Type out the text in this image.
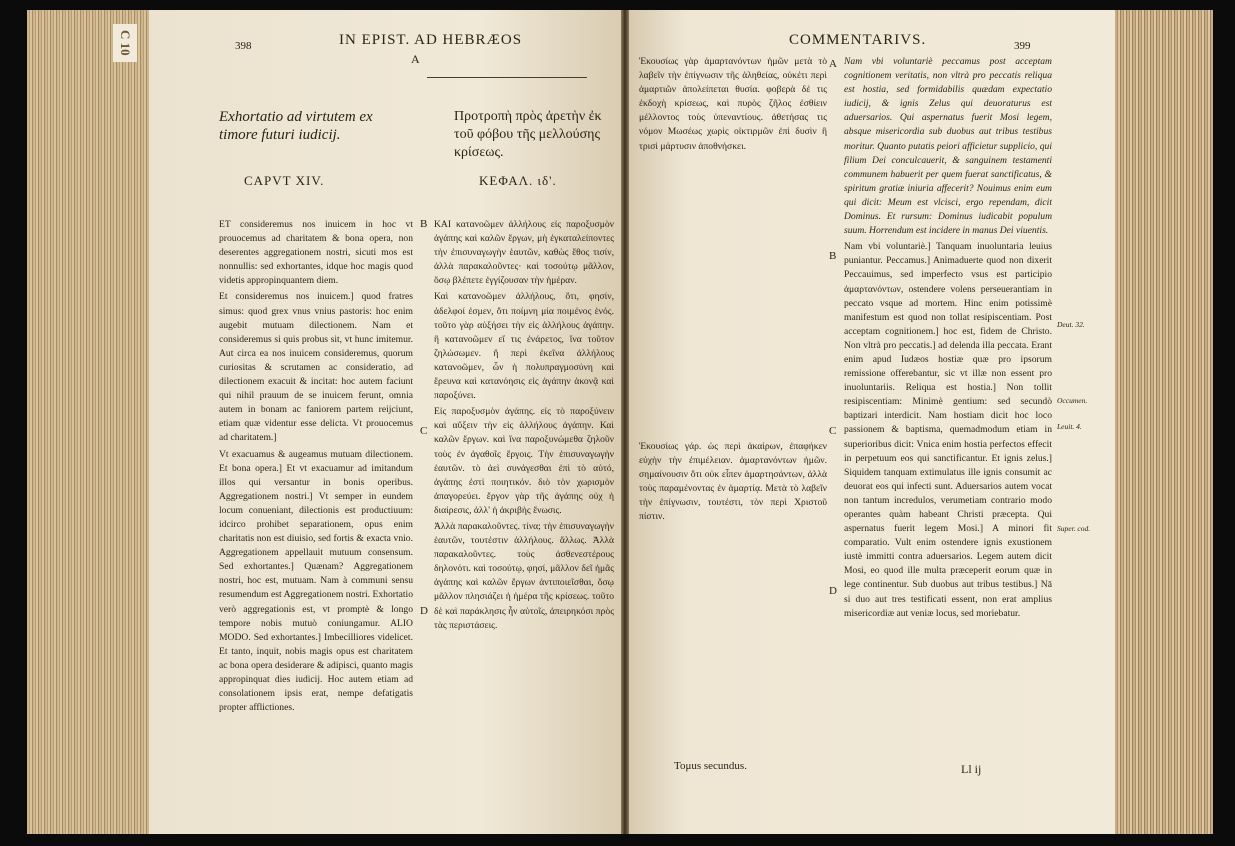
C 10	398	IN EPIST. AD HEBRÆOS
A
Exhortatio ad virtutem ex timore futuri iudicij.
Προτροπὴ πρὸς ἀρετὴν ἐκ τοῦ φόβου τῆς μελλούσης κρίσεως.
CAPVT XIV.	ΚΕΦΑΛ. ιδ'.

ET consideremus nos inuicem in hoc vt prouocemus ad charitatem & bona opera, non deserentes aggregationem nostri, sicuti mos est nonnullis: sed exhortantes, idque hoc magis quod videtis appropinquantem diem.

Et consideremus nos inuicem.] quod fratres simus: quod grex vnus vnius pastoris: hoc enim augebit mutuam dilectionem. Nam et consideremus si quis probus sit, vt hunc imitemur. Aut circa ea nos inuicem consideremus, quorum curiositas & scrutamen ac consideratio, ad dilectionem exacuit & incitat: hoc autem faciunt qui nihil prauum de se inuicem ferunt, omnia autem in bonam ac faniorem partem reijciunt, etiam quæ videntur esse delicta. Vt prouocemus ad charitatem.]

Vt exacuamus & augeamus mutuam dilectionem. Et bona opera.] Et vt exacuamur ad imitandum illos qui versantur in bonis operibus. Aggregationem nostri.] Vt semper in eundem locum conueniant, dilectionis est productiuum: idcirco prohibet separationem, opus enim charitatis non est diuisio, sed fortis & exacta vnio. Aggregationem appellauit mutuum consensum. Sed exhortantes.] Quænam? Aggregationem nostri, hoc est, mutuam. Nam à communi sensu resumendum est Aggregationem nostri. Exhortatio verò aggregationis est, vt promptè & longo tempore nobis mutuò coniungamur. ALIO MODO. Sed exhortantes.] Imbecilliores videlicet. Et tanto, inquit, nobis magis opus est charitatem ac bona opera desiderare & adipisci, quanto magis appropinquat dies iudicij. Hoc autem etiam ad consolationem ipsis erat, nempe defatigatis propter afflictiones.

B
C
D

ΚΑΙ κατανοῶμεν ἀλλήλους εἰς παροξυσμὸν ἀγάπης καὶ καλῶν ἔργων, μὴ ἐγκαταλείποντες τὴν ἐπισυναγωγὴν ἑαυτῶν, καθὼς ἔθος τισίν, ἀλλὰ παρακαλοῦντες· καὶ τοσούτῳ μᾶλλον, ὅσῳ βλέπετε ἐγγίζουσαν τὴν ἡμέραν.

Καὶ κατανοῶμεν ἀλλήλους, ὅτι, φησίν, ἀδελφοί ἐσμεν, ὅτι ποίμνη μία ποιμένος ἑνός. τοῦτο γὰρ αὐξήσει τὴν εἰς ἀλλήλους ἀγάπην. ἢ κατανοῶμεν εἴ τις ἐνάρετος, ἵνα τοῦτον ζηλώσωμεν. ἢ περὶ ἐκεῖνα ἀλλήλους κατανοῶμεν, ὧν ἡ πολυπραγμοσύνη καὶ ἔρευνα καὶ κατανόησις εἰς ἀγάπην ἀκονᾷ καὶ παροξύνει.

Εἰς παροξυσμὸν ἀγάπης. εἰς τὸ παροξύνειν καὶ αὔξειν τὴν εἰς ἀλλήλους ἀγάπην. Καὶ καλῶν ἔργων. καὶ ἵνα παροξυνώμεθα ζηλοῦν τοὺς ἐν ἀγαθοῖς ἔργοις. Τὴν ἐπισυναγωγὴν ἑαυτῶν. τὸ ἀεὶ συνάγεσθαι ἐπὶ τὸ αὐτό, ἀγάπης ἐστὶ ποιητικόν. διὸ τὸν χωρισμὸν ἀπαγορεύει. ἔργον γὰρ τῆς ἀγάπης οὐχ ἡ διαίρεσις, ἀλλ' ἡ ἀκριβὴς ἕνωσις.

Ἀλλὰ παρακαλοῦντες. τίνα; τὴν ἐπισυναγωγὴν ἑαυτῶν, τουτέστιν ἀλλήλους. ἄλλως. Ἀλλὰ παρακαλοῦντες. τοὺς ἀσθενεστέρους δηλονότι. καὶ τοσούτῳ, φησί, μᾶλλον δεῖ ἡμᾶς ἀγάπης καὶ καλῶν ἔργων ἀντιποιεῖσθαι, ὅσῳ μᾶλλον πλησιάζει ἡ ἡμέρα τῆς κρίσεως. τοῦτο δὲ καὶ παράκλησις ἦν αὐτοῖς, ἀπειρηκόσι πρὸς τὰς περιστάσεις.

COMMENTARIVS.	399

Ἑκουσίως γὰρ ἁμαρτανόντων ἡμῶν μετὰ τὸ λαβεῖν τὴν ἐπίγνωσιν τῆς ἀληθείας, οὐκέτι περὶ ἁμαρτιῶν ἀπολείπεται θυσία. φοβερὰ δέ τις ἐκδοχὴ κρίσεως, καὶ πυρὸς ζῆλος ἐσθίειν μέλλοντος τοὺς ὑπεναντίους. ἀθετήσας τις νόμον Μωσέως χωρὶς οἰκτιρμῶν ἐπὶ δυσὶν ἢ τρισὶ μάρτυσιν ἀποθνήσκει.

Ἑκουσίως γάρ. ὡς περὶ ἀκαίρων, ἐπαφήκεν εὐχὴν τὴν ἐπιμέλειαν. ἁμαρτανόντων ἡμῶν. σημαίνουσιν ὅτι οὐκ εἶπεν ἁμαρτησάντων, ἀλλὰ τοὺς παραμένοντας ἐν ἁμαρτίᾳ. Μετὰ τὸ λαβεῖν τὴν ἐπίγνωσιν, τουτέστι, τὸν περὶ Χριστοῦ πίστιν.

Τομus secundus.
A
B
C
D

Nam vbi voluntariè peccamus post acceptam cognitionem veritatis, non vltrà pro peccatis reliqua est hostia, sed formidabilis quædam expectatio iudicij, & ignis Zelus qui deuoraturus est aduersarios. Qui aspernatus fuerit Mosi legem, absque misericordia sub duobus aut tribus testibus moritur. Quanto putatis peiori afficietur supplicio, qui filium Dei conculcauerit, & sanguinem testamenti communem habuerit per quem fuerat sanctificatus, & spiritum gratiæ iniuria affecerit? Nouimus enim eum qui dicit: Meum est vlcisci, ergo rependam, dicit Dominus. Et rursum: Dominus iudicabit populum suum. Horrendum est incidere in manus Dei viuentis.

Nam vbi voluntariè.] Tanquam inuoluntaria leuius puniantur. Peccamus.] Animaduerte quod non dixerit Peccauimus, sed imperfecto vsus est participio ἁμαρτανόντων, ostendere volens perseuerantiam in peccato vsque ad mortem. Hinc enim potissimè manifestum est quod non tollat resipiscentiam. Post acceptam cognitionem.] hoc est, fidem de Christo. Non vltrà pro peccatis.] ad delenda illa peccata. Erant enim apud Iudæos hostiæ quæ pro ipsorum remissione offerebantur, sic vt illæ non essent pro inuoluntariis. Reliqua est hostia.] Non tollit resipiscentiam: Minimè gentium: sed secundò baptizari interdicit. Nam hostiam dicit hoc loco passionem & baptisma, quemadmodum etiam in superioribus dicit: Vnica enim hostia perfectos effecit in perpetuum eos qui sanctificantur. Et ignis zelus.] Siquidem tanquam extimulatus ille ignis consumit ac deuorat eos qui infecti sunt. Aduersarios autem vocat non tantum incredulos, verumetiam contrario modo operantes quàm habeant Christi præcepta. Qui aspernatus fuerit legem Mosi.] A minori fit comparatio. Vult enim ostendere ignis exustionem iustè immitti contra aduersarios. Legem autem dicit Mosi, eo quod ille multa præceperit eorum quæ in lege continentur. Sub duobus aut tribus testibus.] Nā si duo aut tres testificati essent, non erat amplius misericordiæ aut veniæ locus, sed moriebatur.

Deut. 32.
Occumen.
Leuit. 4.
Super. cod.
Ll ij
